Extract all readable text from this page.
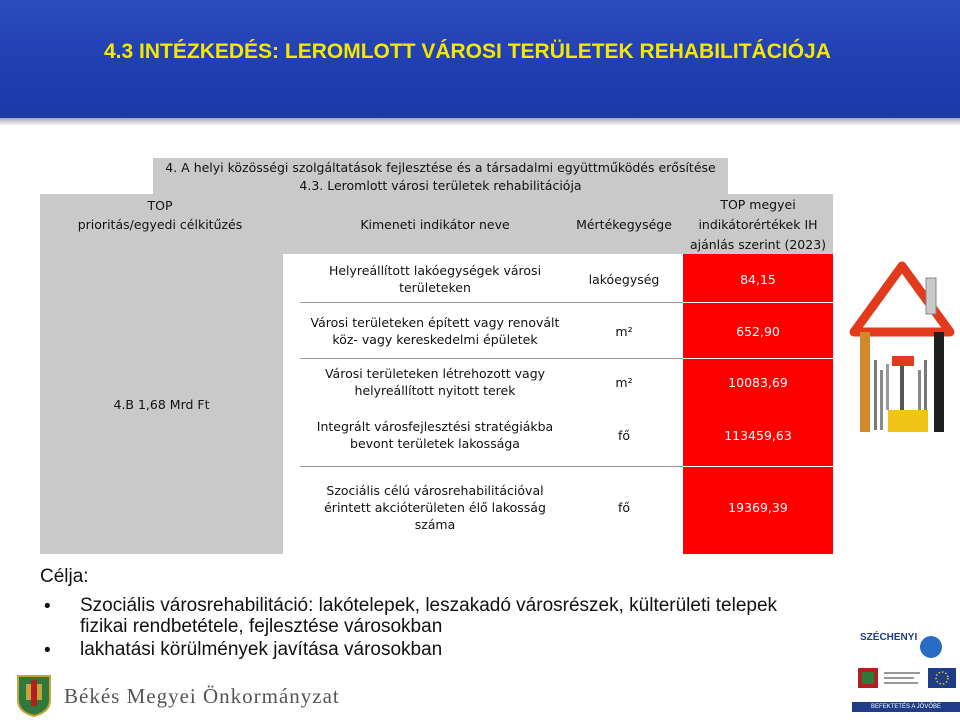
4.3 INTÉZKEDÉS: LEROMLOTT VÁROSI TERÜLETEK REHABILITÁCIÓJA
4. A helyi közösségi szolgáltatások fejlesztése és a társadalmi együttműködés erősítése
4.3. Leromlott városi területek rehabilitációja
TOP
prioritás/egyedi célkitűzés	Kimeneti indikátor neve	Mértékegysége
TOP megyei
indikátorértékek IH
ajánlás szerint (2023)
4.B 1,68 Mrd Ft
Helyreállított lakóegységek városi területeken
lakóegység	84,15
Városi területeken épített vagy renovált köz- vagy kereskedelmi épületek
m²	652,90
Városi területeken létrehozott vagy helyreállított nyitott terek
m²	10083,69
Integrált városfejlesztési stratégiákba bevont területek lakossága
fő	113459,63
Szociális célú városrehabilitációval érintett akcióterületen élő lakosság száma
fő	19369,39
Célja:
• Szociális városrehabilitáció: lakótelepek, leszakadó városrészek, külterületi telepek fizikai rendbetétele, fejlesztése városokban
• lakhatási körülmények javítása városokban
Békés Megyei Önkormányzat
SZÉCHENYI
BEFEKTETÉS A JÖVŐBE
